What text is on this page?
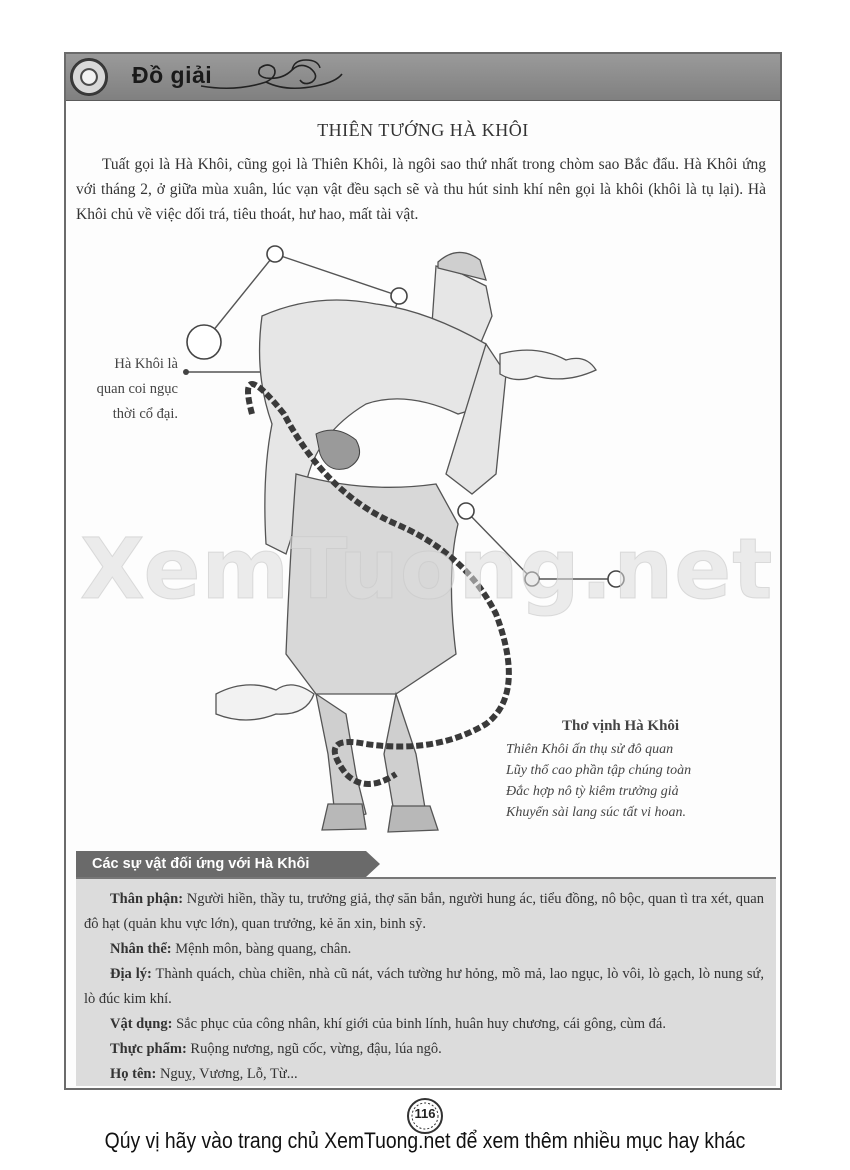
Đồ giải
THIÊN TƯỚNG HÀ KHÔI
Tuất gọi là Hà Khôi, cũng gọi là Thiên Khôi, là ngôi sao thứ nhất trong chòm sao Bắc đẩu. Hà Khôi ứng với tháng 2, ở giữa mùa xuân, lúc vạn vật đều sạch sẽ và thu hút sinh khí nên gọi là khôi (khôi là tụ lại). Hà Khôi chủ về việc dối trá, tiêu thoát, hư hao, mất tài vật.
Hà Khôi là
quan coi ngục
thời cổ đại.
Thơ vịnh Hà Khôi
Thiên Khôi ấn thụ sử đô quan
Lũy thổ cao phần tập chúng toàn
Đắc hợp nô tỳ kiêm trưởng giả
Khuyển sài lang súc tất vi hoan.
Các sự vật đối ứng với Hà Khôi

Thân phận: Người hiền, thầy tu, trưởng giả, thợ săn bắn, người hung ác, tiểu đồng, nô bộc, quan tì tra xét, quan đô hạt (quản khu vực lớn), quan trưởng, kẻ ăn xin, binh sỹ.

Nhân thể: Mệnh môn, bàng quang, chân.

Địa lý: Thành quách, chùa chiền, nhà cũ nát, vách tường hư hỏng, mồ mả, lao ngục, lò vôi, lò gạch, lò nung sứ, lò đúc kim khí.

Vật dụng: Sắc phục của công nhân, khí giới của binh lính, huân huy chương, cái gông, cùm đá.

Thực phẩm: Ruộng nương, ngũ cốc, vừng, đậu, lúa ngô.

Họ tên: Nguỵ, Vương, Lỗ, Từ...

XemTuong.net
116
Qúy vị hãy vào trang chủ XemTuong.net để xem thêm nhiều mục hay khác
